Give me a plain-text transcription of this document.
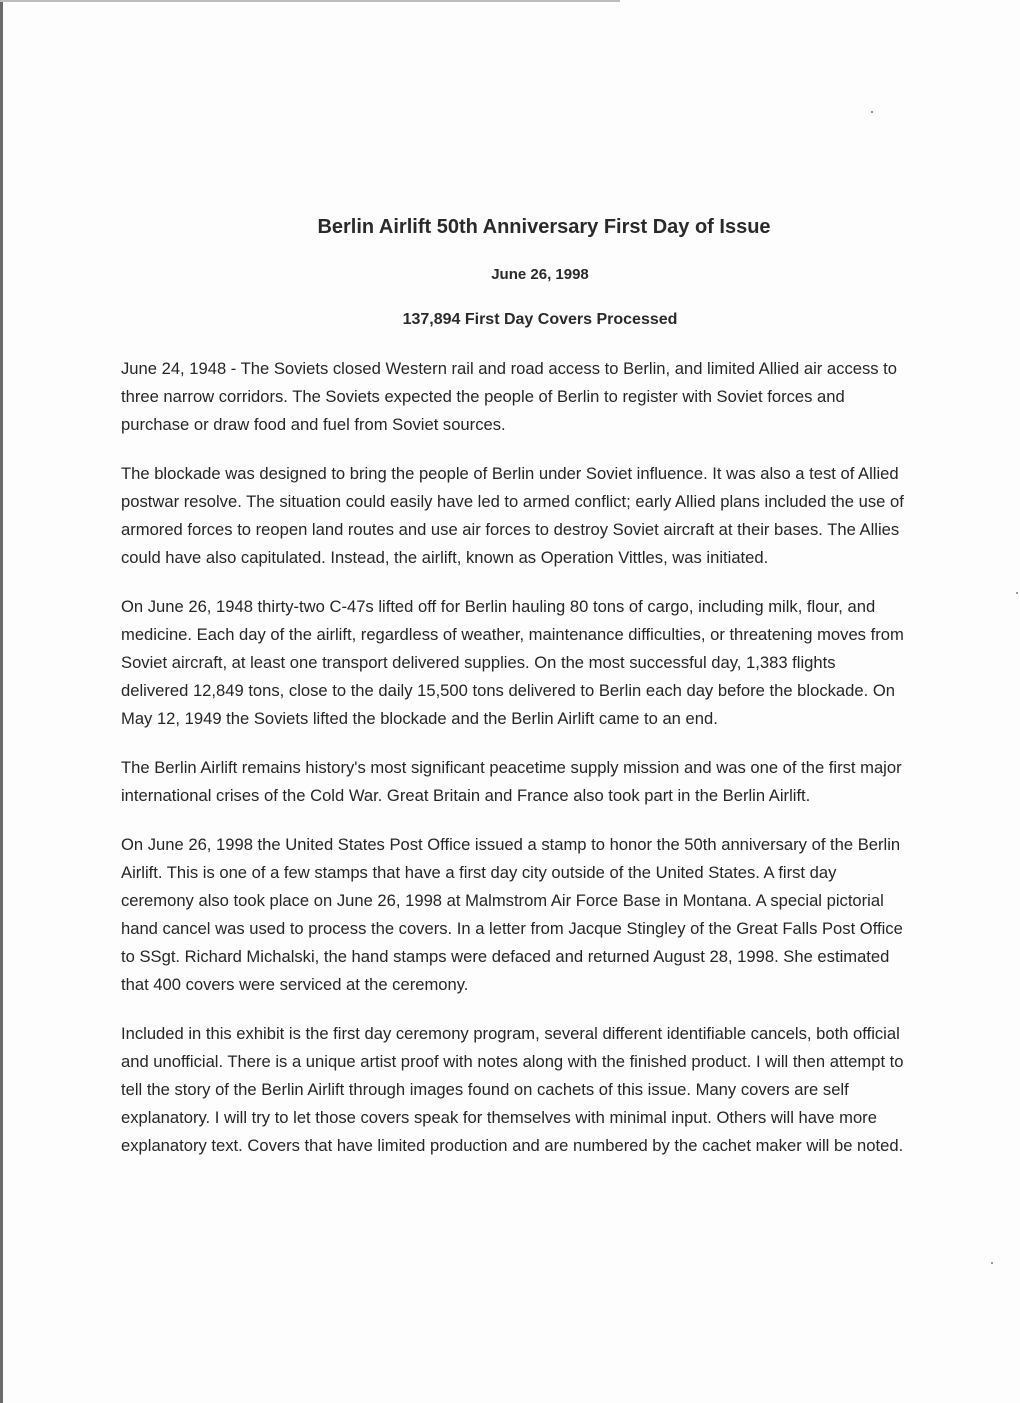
Berlin Airlift 50th Anniversary First Day of Issue
June 26, 1998
137,894 First Day Covers Processed

June 24, 1948 - The Soviets closed Western rail and road access to Berlin, and limited Allied air access to three narrow corridors. The Soviets expected the people of Berlin to register with Soviet forces and purchase or draw food and fuel from Soviet sources.

The blockade was designed to bring the people of Berlin under Soviet influence. It was also a test of Allied postwar resolve. The situation could easily have led to armed conflict; early Allied plans included the use of armored forces to reopen land routes and use air forces to destroy Soviet aircraft at their bases. The Allies could have also capitulated. Instead, the airlift, known as Operation Vittles, was initiated.

On June 26, 1948 thirty-two C-47s lifted off for Berlin hauling 80 tons of cargo, including milk, flour, and medicine. Each day of the airlift, regardless of weather, maintenance difficulties, or threatening moves from Soviet aircraft, at least one transport delivered supplies. On the most successful day, 1,383 flights delivered 12,849 tons, close to the daily 15,500 tons delivered to Berlin each day before the blockade. On May 12, 1949 the Soviets lifted the blockade and the Berlin Airlift came to an end.

The Berlin Airlift remains history's most significant peacetime supply mission and was one of the first major international crises of the Cold War. Great Britain and France also took part in the Berlin Airlift.

On June 26, 1998 the United States Post Office issued a stamp to honor the 50th anniversary of the Berlin Airlift. This is one of a few stamps that have a first day city outside of the United States. A first day ceremony also took place on June 26, 1998 at Malmstrom Air Force Base in Montana. A special pictorial hand cancel was used to process the covers. In a letter from Jacque Stingley of the Great Falls Post Office to SSgt. Richard Michalski, the hand stamps were defaced and returned August 28, 1998. She estimated that 400 covers were serviced at the ceremony.

Included in this exhibit is the first day ceremony program, several different identifiable cancels, both official and unofficial. There is a unique artist proof with notes along with the finished product. I will then attempt to tell the story of the Berlin Airlift through images found on cachets of this issue. Many covers are self explanatory. I will try to let those covers speak for themselves with minimal input. Others will have more explanatory text. Covers that have limited production and are numbered by the cachet maker will be noted.
